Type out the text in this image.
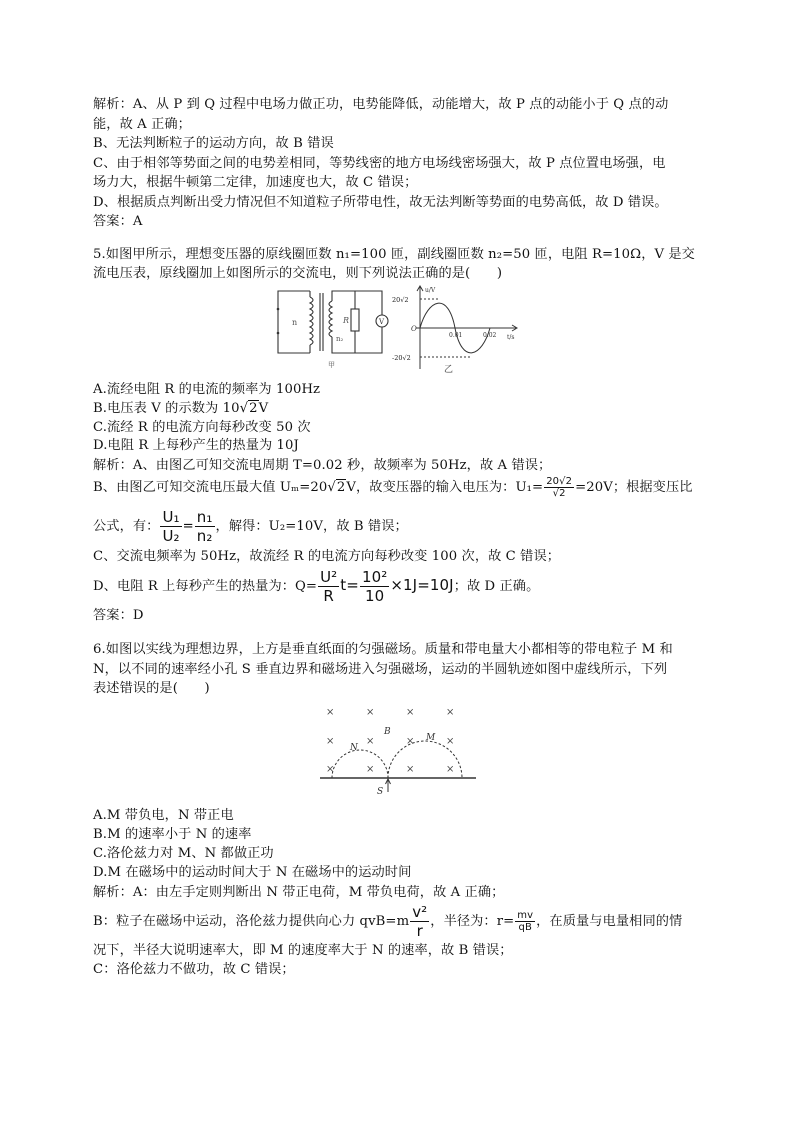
解析：A、从 P 到 Q 过程中电场力做正功，电势能降低，动能增大，故 P 点的动能小于 Q 点的动
能，故 A 正确；
B、无法判断粒子的运动方向，故 B 错误
C、由于相邻等势面之间的电势差相同，等势线密的地方电场线密场强大，故 P 点位置电场强，电
场力大，根据牛顿第二定律，加速度也大，故 C 错误；
D、根据质点判断出受力情况但不知道粒子所带电性，故无法判断等势面的电势高低，故 D 错误。
答案：A
5.如图甲所示，理想变压器的原线圈匝数 n₁=100 匝，副线圈匝数 n₂=50 匝，电阻 R=10Ω，V 是交
流电压表，原线圈加上如图所示的交流电，则下列说法正确的是(　　)
n
n₂
R	V
甲
20√2
-20√2
u/V
t/s
O
0.01	0.02
乙
A.流经电阻 R 的电流的频率为 100Hz
B.电压表 V 的示数为 10√2V
C.流经 R 的电流方向每秒改变 50 次
D.电阻 R 上每秒产生的热量为 10J
解析：A、由图乙可知交流电周期 T=0.02 秒，故频率为 50Hz，故 A 错误；
B、由图乙可知交流电压最大值 Uₘ=20√2V，故变压器的输入电压为：$U_1= \frac{20√2}{√2} =20V$；根据变压比
公式，有： $\frac{\text{U₁}}{\text{U₂}} = \frac{\text{n₁}}{\text{n₂}}$ ，解得：U₂=10V，故 B 错误；
C、交流电频率为 50Hz，故流经 R 的电流方向每秒改变 100 次，故 C 错误；
D、电阻 R 上每秒产生的热量为：$Q= \frac{\text{U²}}{R} t= \frac{\text{10²}}{10} \times 1J=10J$；故 D 正确。
答案：D
6.如图以实线为理想边界，上方是垂直纸面的匀强磁场。质量和带电量大小都相等的带电粒子 M 和
N，以不同的速率经小孔 S 垂直边界和磁场进入匀强磁场，运动的半圆轨迹如图中虚线所示，下列
表述错误的是(　　)
×	×	×	×
×	×	×	×
×	×	×	×
B
N
M
S
A.M 带负电，N 带正电
B.M 的速率小于 N 的速率
C.洛伦兹力对 M、N 都做正功
D.M 在磁场中的运动时间大于 N 在磁场中的运动时间
解析：A：由左手定则判断出 N 带正电荷，M 带负电荷，故 A 正确；
B：粒子在磁场中运动，洛伦兹力提供向心力 $qvB=m \frac{\text{v²}}{r}$ ，半径为：$r= \frac{mv}{qB}$ ，在质量与电量相同的情
况下，半径大说明速率大，即 M 的速度率大于 N 的速率，故 B 错误；
C：洛伦兹力不做功，故 C 错误；
